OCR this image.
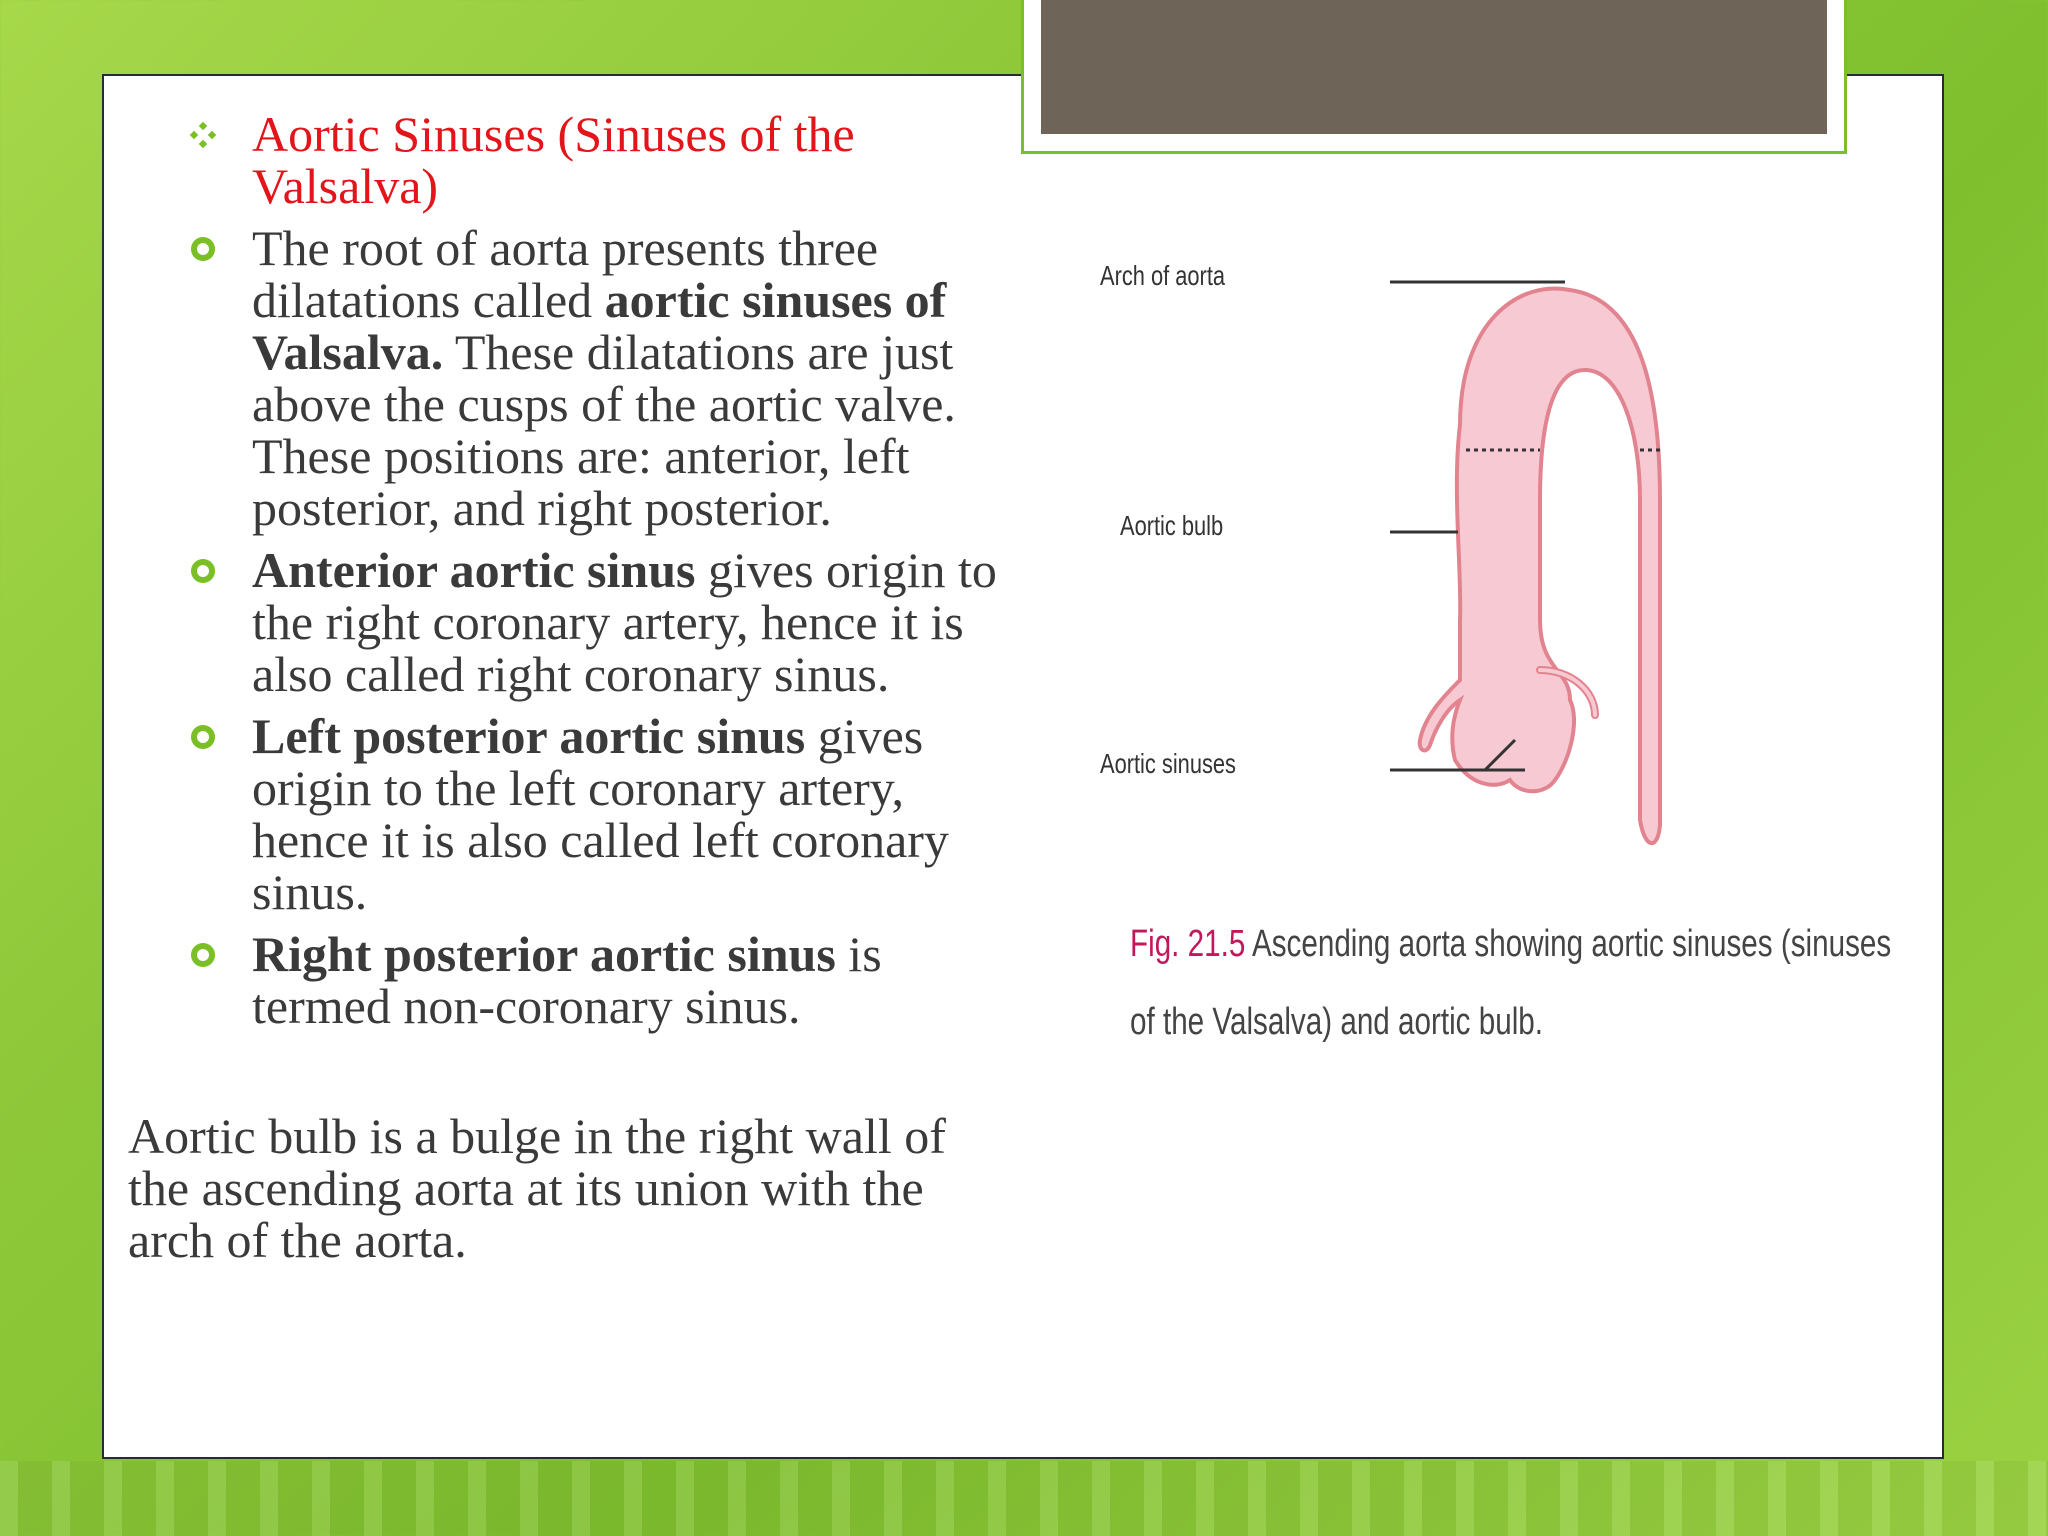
Aortic Sinuses (Sinuses of the Valsalva)
The root of aorta presents three dilatations called aortic sinuses of Valsalva. These dilatations are just above the cusps of the aortic valve. These positions are: anterior, left posterior, and right posterior.
Anterior aortic sinus gives origin to the right coronary artery, hence it is also called right coronary sinus.
Left posterior aortic sinus gives origin to the left coronary artery, hence it is also called left coronary sinus.
Right posterior aortic sinus is termed non-coronary sinus.
Aortic bulb is a bulge in the right wall of the ascending aorta at its union with the arch of the aorta.
Arch of aorta
Aortic bulb
Aortic sinuses
Fig. 21.5 Ascending aorta showing aortic sinuses (sinuses
of the Valsalva) and aortic bulb.
